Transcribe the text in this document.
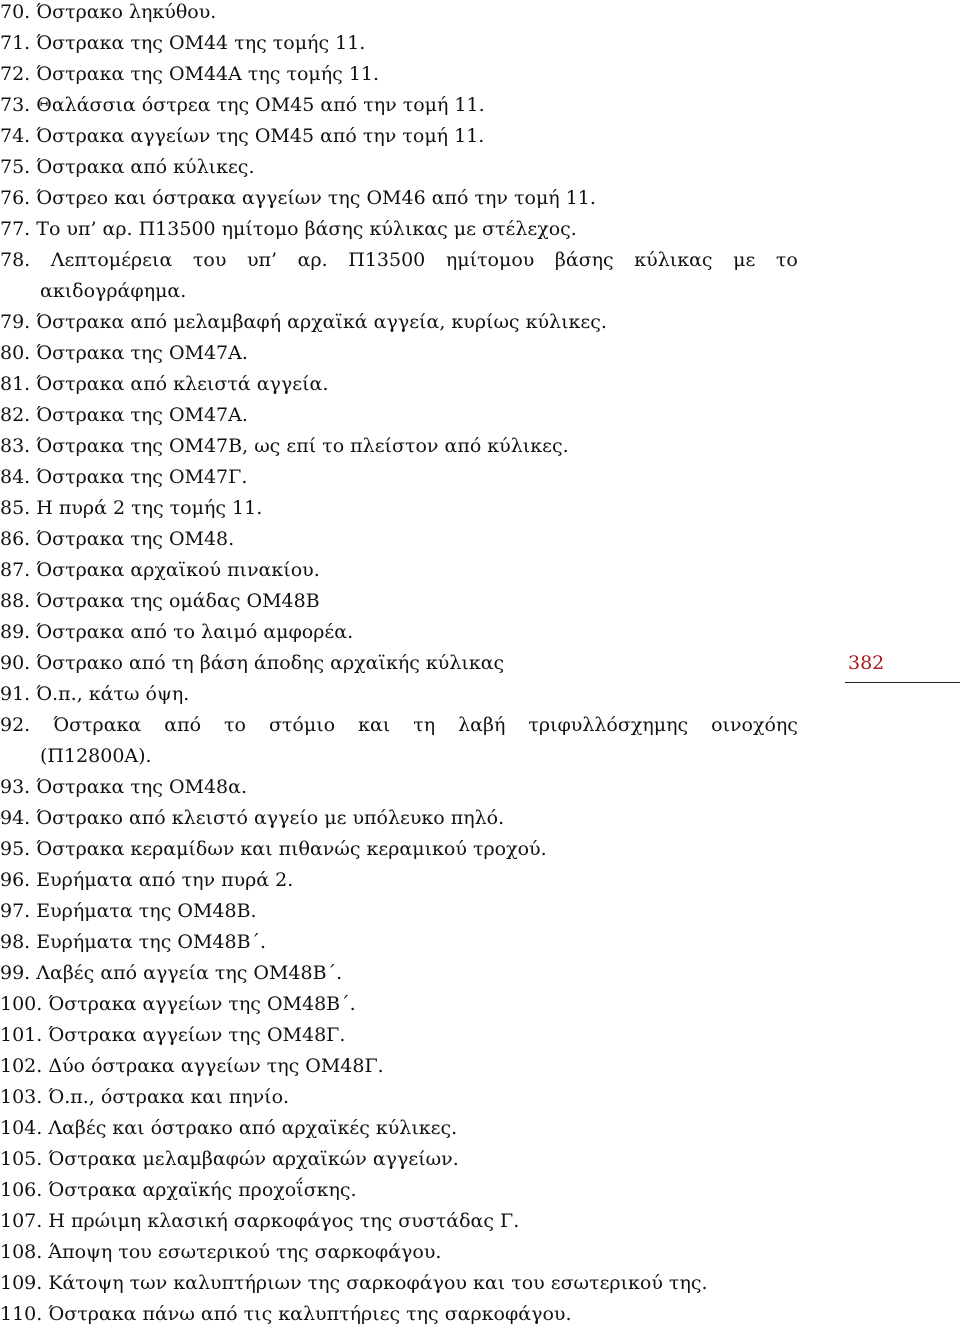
70. Όστρακο ληκύθου.
71. Όστρακα της ΟΜ44 της τομής 11.
72. Όστρακα της ΟΜ44Α της τομής 11.
73. Θαλάσσια όστρεα της ΟΜ45 από την τομή 11.
74. Όστρακα αγγείων της ΟΜ45 από την τομή 11.
75. Όστρακα από κύλικες.
76. Όστρεο και όστρακα αγγείων της ΟΜ46 από την τομή 11.
77. Το υπ’ αρ. Π13500 ημίτομο βάσης κύλικας με στέλεχος.
78. Λεπτομέρεια του υπ’ αρ. Π13500 ημίτομου βάσης κύλικας με το
ακιδογράφημα.
79. Όστρακα από μελαμβαφή αρχαϊκά αγγεία, κυρίως κύλικες.
80. Όστρακα της ΟΜ47Α.
81. Όστρακα από κλειστά αγγεία.
82. Όστρακα της ΟΜ47Α.
83. Όστρακα της ΟΜ47Β, ως επί το πλείστον από κύλικες.
84. Όστρακα της ΟΜ47Γ.
85. Η πυρά 2 της τομής 11.
86. Όστρακα της ΟΜ48.
87. Όστρακα αρχαϊκού πινακίου.
88. Όστρακα της ομάδας ΟΜ48Β
89. Όστρακα από το λαιμό αμφορέα.
90. Όστρακο από τη βάση άποδης αρχαϊκής κύλικας
91. Ό.π., κάτω όψη.
92. Όστρακα από το στόμιο και τη λαβή τριφυλλόσχημης οινοχόης
(Π12800Α).
93. Όστρακα της ΟΜ48α.
94. Όστρακο από κλειστό αγγείο με υπόλευκο πηλό.
95. Όστρακα κεραμίδων και πιθανώς κεραμικού τροχού.
96. Ευρήματα από την πυρά 2.
97. Ευρήματα της ΟΜ48Β.
98. Ευρήματα της ΟΜ48Β΄.
99. Λαβές από αγγεία της ΟΜ48Β΄.
100. Όστρακα αγγείων της ΟΜ48Β΄.
101. Όστρακα αγγείων της ΟΜ48Γ.
102. Δύο όστρακα αγγείων της ΟΜ48Γ.
103. Ό.π., όστρακα και πηνίο.
104. Λαβές και όστρακο από αρχαϊκές κύλικες.
105. Όστρακα μελαμβαφών αρχαϊκών αγγείων.
106. Όστρακα αρχαϊκής προχοΐσκης.
107. Η πρώιμη κλασική σαρκοφάγος της συστάδας Γ.
108. Άποψη του εσωτερικού της σαρκοφάγου.
109. Κάτοψη των καλυπτήριων της σαρκοφάγου και του εσωτερικού της.
110. Όστρακα πάνω από τις καλυπτήριες της σαρκοφάγου.
382
